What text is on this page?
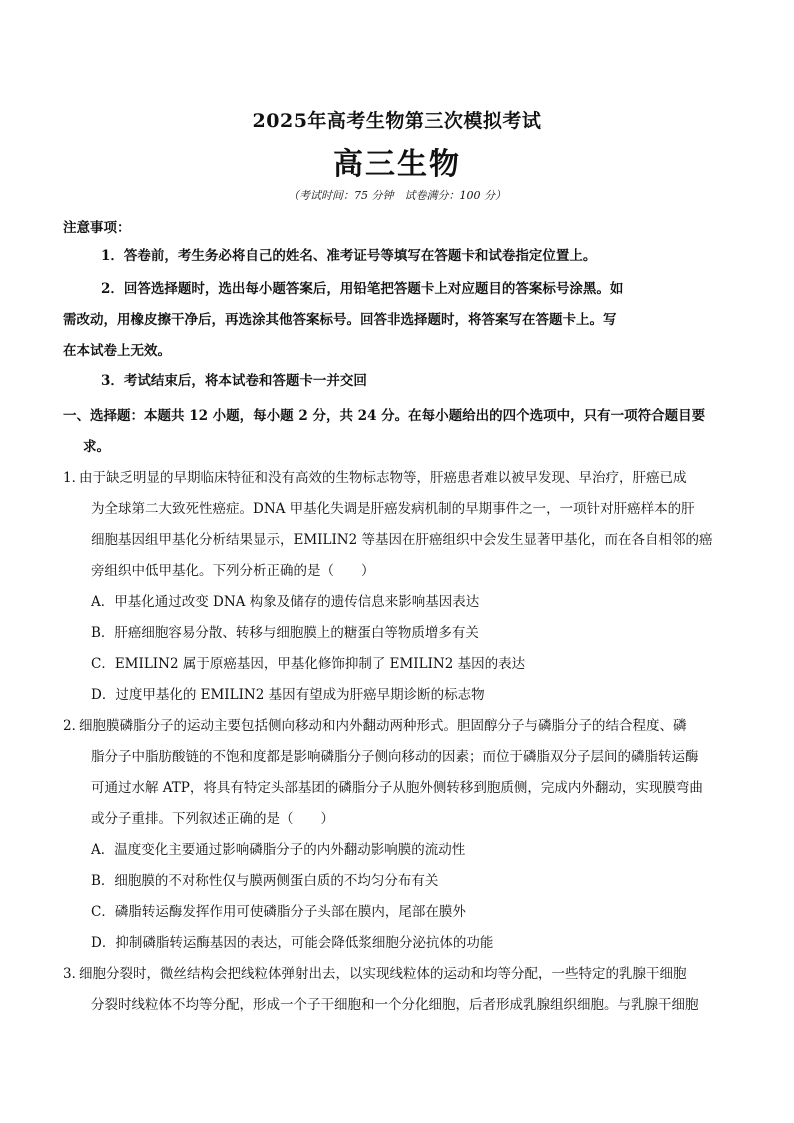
2025年高考生物第三次模拟考试
高三生物
（考试时间：75 分钟　试卷满分：100 分）
注意事项：
1．答卷前，考生务必将自己的姓名、准考证号等填写在答题卡和试卷指定位置上。
2．回答选择题时，选出每小题答案后，用铅笔把答题卡上对应题目的答案标号涂黑。如
需改动，用橡皮擦干净后，再选涂其他答案标号。回答非选择题时，将答案写在答题卡上。写
在本试卷上无效。
3．考试结束后，将本试卷和答题卡一并交回
一、选择题：本题共 12 小题，每小题 2 分，共 24 分。在每小题给出的四个选项中，只有一项符合题目要
求。
1．
由于缺乏明显的早期临床特征和没有高效的生物标志物等，肝癌患者难以被早发现、早治疗，肝癌已成
为全球第二大致死性癌症。DNA 甲基化失调是肝癌发病机制的早期事件之一，一项针对肝癌样本的肝
细胞基因组甲基化分析结果显示，EMILIN2 等基因在肝癌组织中会发生显著甲基化，而在各自相邻的癌
旁组织中低甲基化。下列分析正确的是（　　）
A．甲基化通过改变 DNA 构象及储存的遗传信息来影响基因表达
B．肝癌细胞容易分散、转移与细胞膜上的糖蛋白等物质增多有关
C．EMILIN2 属于原癌基因，甲基化修饰抑制了 EMILIN2 基因的表达
D．过度甲基化的 EMILIN2 基因有望成为肝癌早期诊断的标志物
2．
细胞膜磷脂分子的运动主要包括侧向移动和内外翻动两种形式。胆固醇分子与磷脂分子的结合程度、磷
脂分子中脂肪酸链的不饱和度都是影响磷脂分子侧向移动的因素；而位于磷脂双分子层间的磷脂转运酶
可通过水解 ATP，将具有特定头部基团的磷脂分子从胞外侧转移到胞质侧，完成内外翻动，实现膜弯曲
或分子重排。下列叙述正确的是（　　）
A．温度变化主要通过影响磷脂分子的内外翻动影响膜的流动性
B．细胞膜的不对称性仅与膜两侧蛋白质的不均匀分布有关
C．磷脂转运酶发挥作用可使磷脂分子头部在膜内，尾部在膜外
D．抑制磷脂转运酶基因的表达，可能会降低浆细胞分泌抗体的功能
3．
细胞分裂时，微丝结构会把线粒体弹射出去，以实现线粒体的运动和均等分配，一些特定的乳腺干细胞
分裂时线粒体不均等分配，形成一个子干细胞和一个分化细胞，后者形成乳腺组织细胞。与乳腺干细胞
